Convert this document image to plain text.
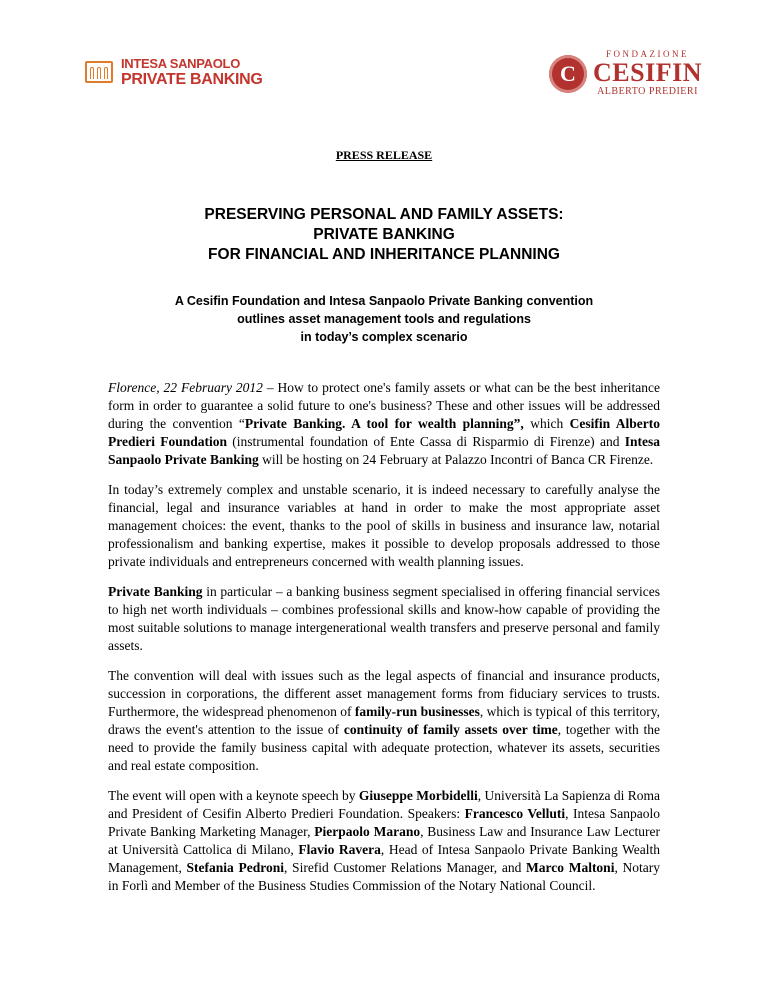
INTESA SANPAOLO
PRIVATE BANKING
C
FONDAZIONE
CESIFIN
ALBERTO PREDIERI
PRESS RELEASE
PRESERVING PERSONAL AND FAMILY ASSETS:
PRIVATE BANKING
FOR FINANCIAL AND INHERITANCE PLANNING
A Cesifin Foundation and Intesa Sanpaolo Private Banking convention
outlines asset management tools and regulations
in today’s complex scenario

Florence, 22 February 2012 – How to protect one's family assets or what can be the best inheritance form in order to guarantee a solid future to one's business? These and other issues will be addressed during the convention “Private Banking. A tool for wealth planning”, which Cesifin Alberto Predieri Foundation (instrumental foundation of Ente Cassa di Risparmio di Firenze) and Intesa Sanpaolo Private Banking will be hosting on 24 February at Palazzo Incontri of Banca CR Firenze.

In today’s extremely complex and unstable scenario, it is indeed necessary to carefully analyse the financial, legal and insurance variables at hand in order to make the most appropriate asset management choices: the event, thanks to the pool of skills in business and insurance law, notarial professionalism and banking expertise, makes it possible to develop proposals addressed to those private individuals and entrepreneurs concerned with wealth planning issues.

Private Banking in particular – a banking business segment specialised in offering financial services to high net worth individuals – combines professional skills and know-how capable of providing the most suitable solutions to manage intergenerational wealth transfers and preserve personal and family assets.

The convention will deal with issues such as the legal aspects of financial and insurance products, succession in corporations, the different asset management forms from fiduciary services to trusts. Furthermore, the widespread phenomenon of family-run businesses, which is typical of this territory, draws the event's attention to the issue of continuity of family assets over time, together with the need to provide the family business capital with adequate protection, whatever its assets, securities and real estate composition.

The event will open with a keynote speech by Giuseppe Morbidelli, Università La Sapienza di Roma and President of Cesifin Alberto Predieri Foundation. Speakers: Francesco Velluti, Intesa Sanpaolo Private Banking Marketing Manager, Pierpaolo Marano, Business Law and Insurance Law Lecturer at Università Cattolica di Milano, Flavio Ravera, Head of Intesa Sanpaolo Private Banking Wealth Management, Stefania Pedroni, Sirefid Customer Relations Manager, and Marco Maltoni, Notary in Forlì and Member of the Business Studies Commission of the Notary National Council.
